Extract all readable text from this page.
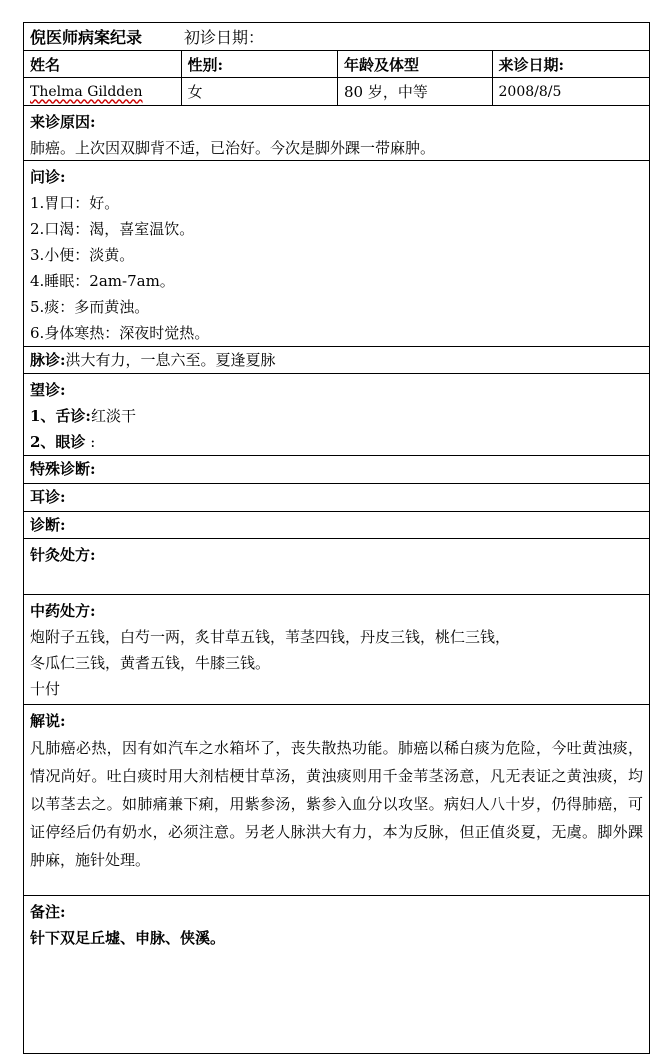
倪医师病案纪录	初诊日期：
姓名	性别:	年龄及体型	来诊日期:
Thelma Gildden	女	80 岁，中等	2008/8/5
来诊原因:
肺癌。上次因双脚背不适，已治好。今次是脚外踝一带麻肿。
问诊:
1.胃口：好。
2.口渴：渴，喜室温饮。
3.小便：淡黄。
4.睡眠：2am-7am。
5.痰：多而黄浊。
6.身体寒热：深夜时觉热。
脉诊:洪大有力，一息六至。夏逢夏脉
望诊:
1、舌诊:红淡干
2、眼诊 :
特殊诊断:
耳诊:
诊断:
针灸处方:
中药处方:
炮附子五钱，白芍一两，炙甘草五钱，苇茎四钱，丹皮三钱，桃仁三钱，
冬瓜仁三钱，黄耆五钱，牛膝三钱。
十付
解说:
凡肺癌必热，因有如汽车之水箱坏了，丧失散热功能。肺癌以稀白痰为危险，今吐黄浊痰，情况尚好。吐白痰时用大剂桔梗甘草汤，黄浊痰则用千金苇茎汤意，凡无表证之黄浊痰，均以苇茎去之。如肺痛兼下痢，用紫参汤，紫参入血分以攻坚。病妇人八十岁，仍得肺癌，可证停经后仍有奶水，必须注意。另老人脉洪大有力，本为反脉，但正值炎夏，无虞。脚外踝肿麻，施针处理。
备注:
针下双足丘墟、申脉、侠溪。
